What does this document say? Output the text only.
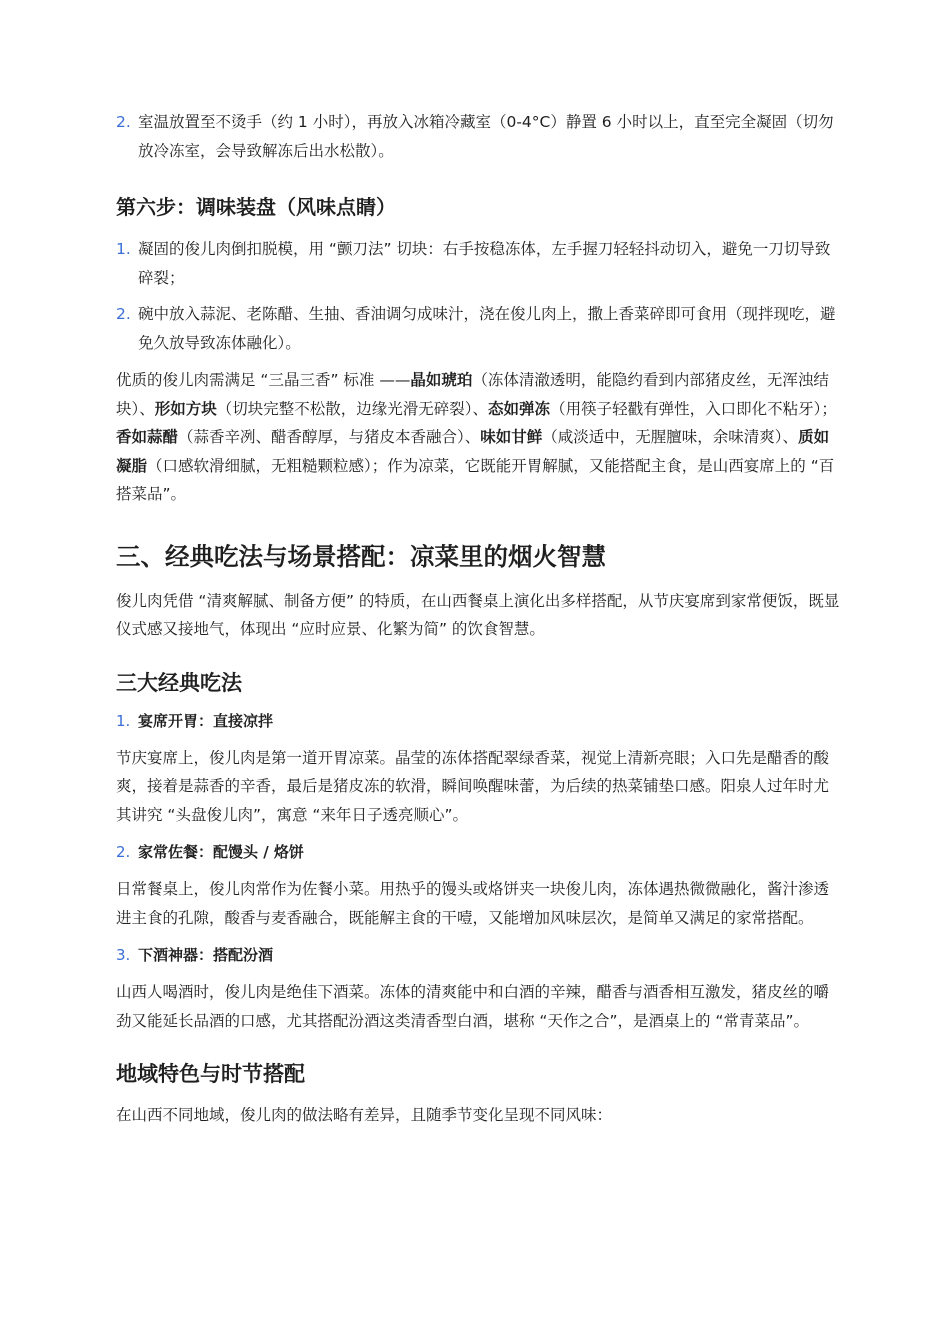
2. 室温放置至不烫手（约 1 小时），再放入冰箱冷藏室（0-4°C）静置 6 小时以上，直至完全凝固（切勿放冷冻室，会导致解冻后出水松散）。
第六步：调味装盘（风味点睛）
1. 凝固的俊儿肉倒扣脱模，用 “颤刀法” 切块：右手按稳冻体，左手握刀轻轻抖动切入，避免一刀切导致碎裂；
2. 碗中放入蒜泥、老陈醋、生抽、香油调匀成味汁，浇在俊儿肉上，撒上香菜碎即可食用（现拌现吃，避免久放导致冻体融化）。

优质的俊儿肉需满足 “三晶三香” 标准 ——晶如琥珀（冻体清澈透明，能隐约看到内部猪皮丝，无浑浊结块）、形如方块（切块完整不松散，边缘光滑无碎裂）、态如弹冻（用筷子轻戳有弹性，入口即化不粘牙）；香如蒜醋（蒜香辛冽、醋香醇厚，与猪皮本香融合）、味如甘鲜（咸淡适中，无腥膻味，余味清爽）、质如凝脂（口感软滑细腻，无粗糙颗粒感）；作为凉菜，它既能开胃解腻，又能搭配主食，是山西宴席上的 “百搭菜品”。

三、经典吃法与场景搭配：凉菜里的烟火智慧

俊儿肉凭借 “清爽解腻、制备方便” 的特质，在山西餐桌上演化出多样搭配，从节庆宴席到家常便饭，既显仪式感又接地气，体现出 “应时应景、化繁为简” 的饮食智慧。

三大经典吃法
1. 宴席开胃：直接凉拌

节庆宴席上，俊儿肉是第一道开胃凉菜。晶莹的冻体搭配翠绿香菜，视觉上清新亮眼；入口先是醋香的酸爽，接着是蒜香的辛香，最后是猪皮冻的软滑，瞬间唤醒味蕾，为后续的热菜铺垫口感。阳泉人过年时尤其讲究 “头盘俊儿肉”，寓意 “来年日子透亮顺心”。

2. 家常佐餐：配馒头 / 烙饼

日常餐桌上，俊儿肉常作为佐餐小菜。用热乎的馒头或烙饼夹一块俊儿肉，冻体遇热微微融化，酱汁渗透进主食的孔隙，酸香与麦香融合，既能解主食的干噎，又能增加风味层次，是简单又满足的家常搭配。

3. 下酒神器：搭配汾酒

山西人喝酒时，俊儿肉是绝佳下酒菜。冻体的清爽能中和白酒的辛辣，醋香与酒香相互激发，猪皮丝的嚼劲又能延长品酒的口感，尤其搭配汾酒这类清香型白酒，堪称 “天作之合”，是酒桌上的 “常青菜品”。

地域特色与时节搭配

在山西不同地域，俊儿肉的做法略有差异，且随季节变化呈现不同风味：
